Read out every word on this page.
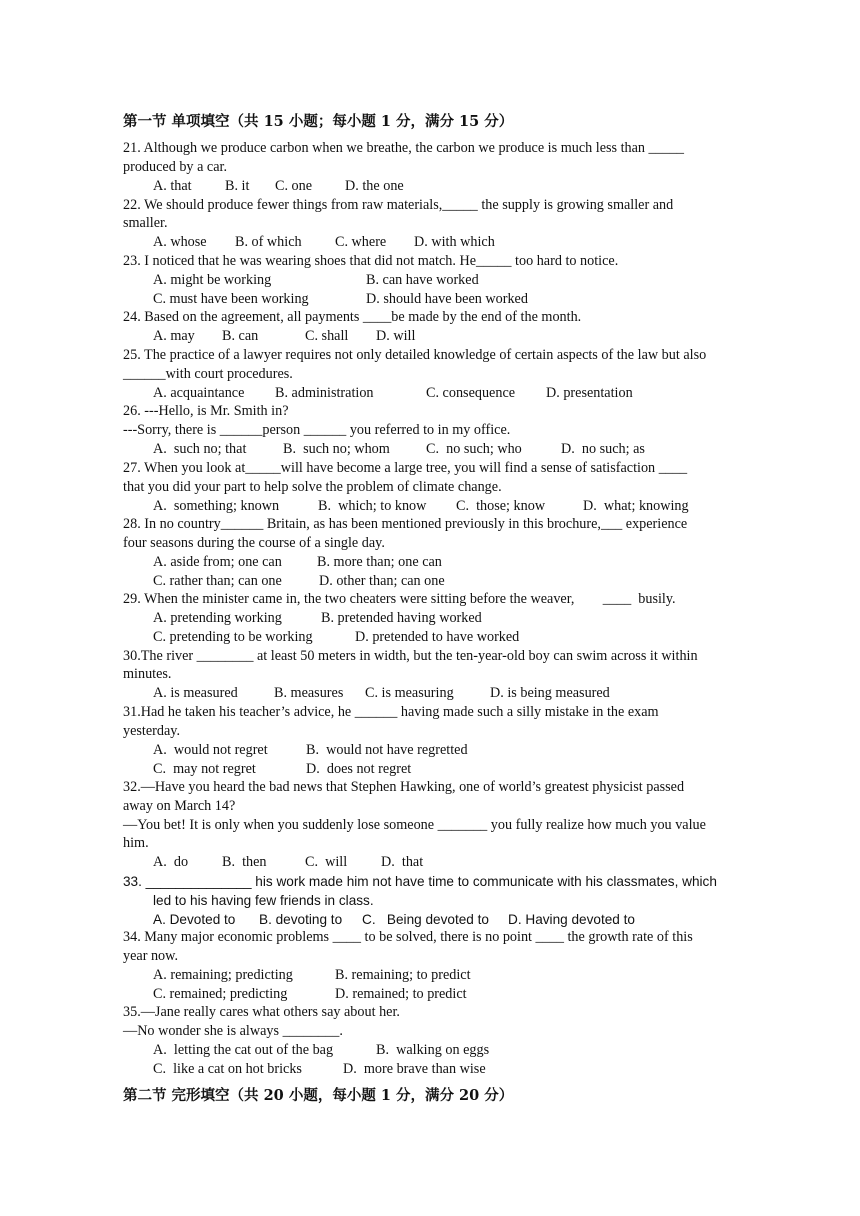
第一节 单项填空（共 15 小题；每小题 1 分，满分 15 分）
21. Although we produce carbon when we breathe, the carbon we produce is much less than _____
produced by a car.
A. that B. it C. one D. the one
22. We should produce fewer things from raw materials,_____ the supply is growing smaller and
smaller.
A. whose B. of which C. where D. with which
23. I noticed that he was wearing shoes that did not match. He_____ too hard to notice.
A. might be working	B. can have worked
C. must have been working	D. should have been worked
24. Based on the agreement, all payments ____be made by the end of the month.
A. may B. can	C. shall D. will
25. The practice of a lawyer requires not only detailed knowledge of certain aspects of the law but also
______with court procedures.
A. acquaintance B. administration	C. consequence D. presentation
26. ---Hello, is Mr. Smith in?
---Sorry, there is ______person ______ you referred to in my office.
A.  such no; that	B.  such no; whom	C.  no such; who	D.  no such; as
27. When you look at_____will have become a large tree, you will find a sense of satisfaction ____
that you did your part to help solve the problem of climate change.
A.  something; known	B.  which; to know C.  those; know	D.  what; knowing
28. In no country______ Britain, as has been mentioned previously in this brochure,___ experience
four seasons during the course of a single day.
A. aside from; one can B. more than; one can
C. rather than; can one	D. other than; can one
29. When the minister came in, the two cheaters were sitting before the weaver,        ____  busily.
A. pretending working	B. pretended having worked
C. pretending to be working	D. pretended to have worked
30.The river ________ at least 50 meters in width, but the ten-year-old boy can swim across it within
minutes.
A. is measured	B. measures C. is measuring	D. is being measured
31.Had he taken his teacher’s advice, he ______ having made such a silly mistake in the exam
yesterday.
A.  would not regret	B.  would not have regretted
C.  may not regret	D.  does not regret
32.—Have you heard the bad news that Stephen Hawking, one of world’s greatest physicist passed
away on March 14?
—You bet! It is only when you suddenly lose someone _______ you fully realize how much you value
him.
A.  do B.  then	C.  will D.  that
33. ______________ his work made him not have time to communicate with his classmates, which
led to his having few friends in class.
A. Devoted to B. devoting to C.   Being devoted to D. Having devoted to
34. Many major economic problems ____ to be solved, there is no point ____ the growth rate of this
year now.
A. remaining; predicting	B. remaining; to predict
C. remained; predicting	D. remained; to predict
35.—Jane really cares what others say about her.
—No wonder she is always ________.
A.  letting the cat out of the bag	B.  walking on eggs
C.  like a cat on hot bricks	D.  more brave than wise
第二节 完形填空（共 20 小题，每小题 1 分，满分 20 分）
